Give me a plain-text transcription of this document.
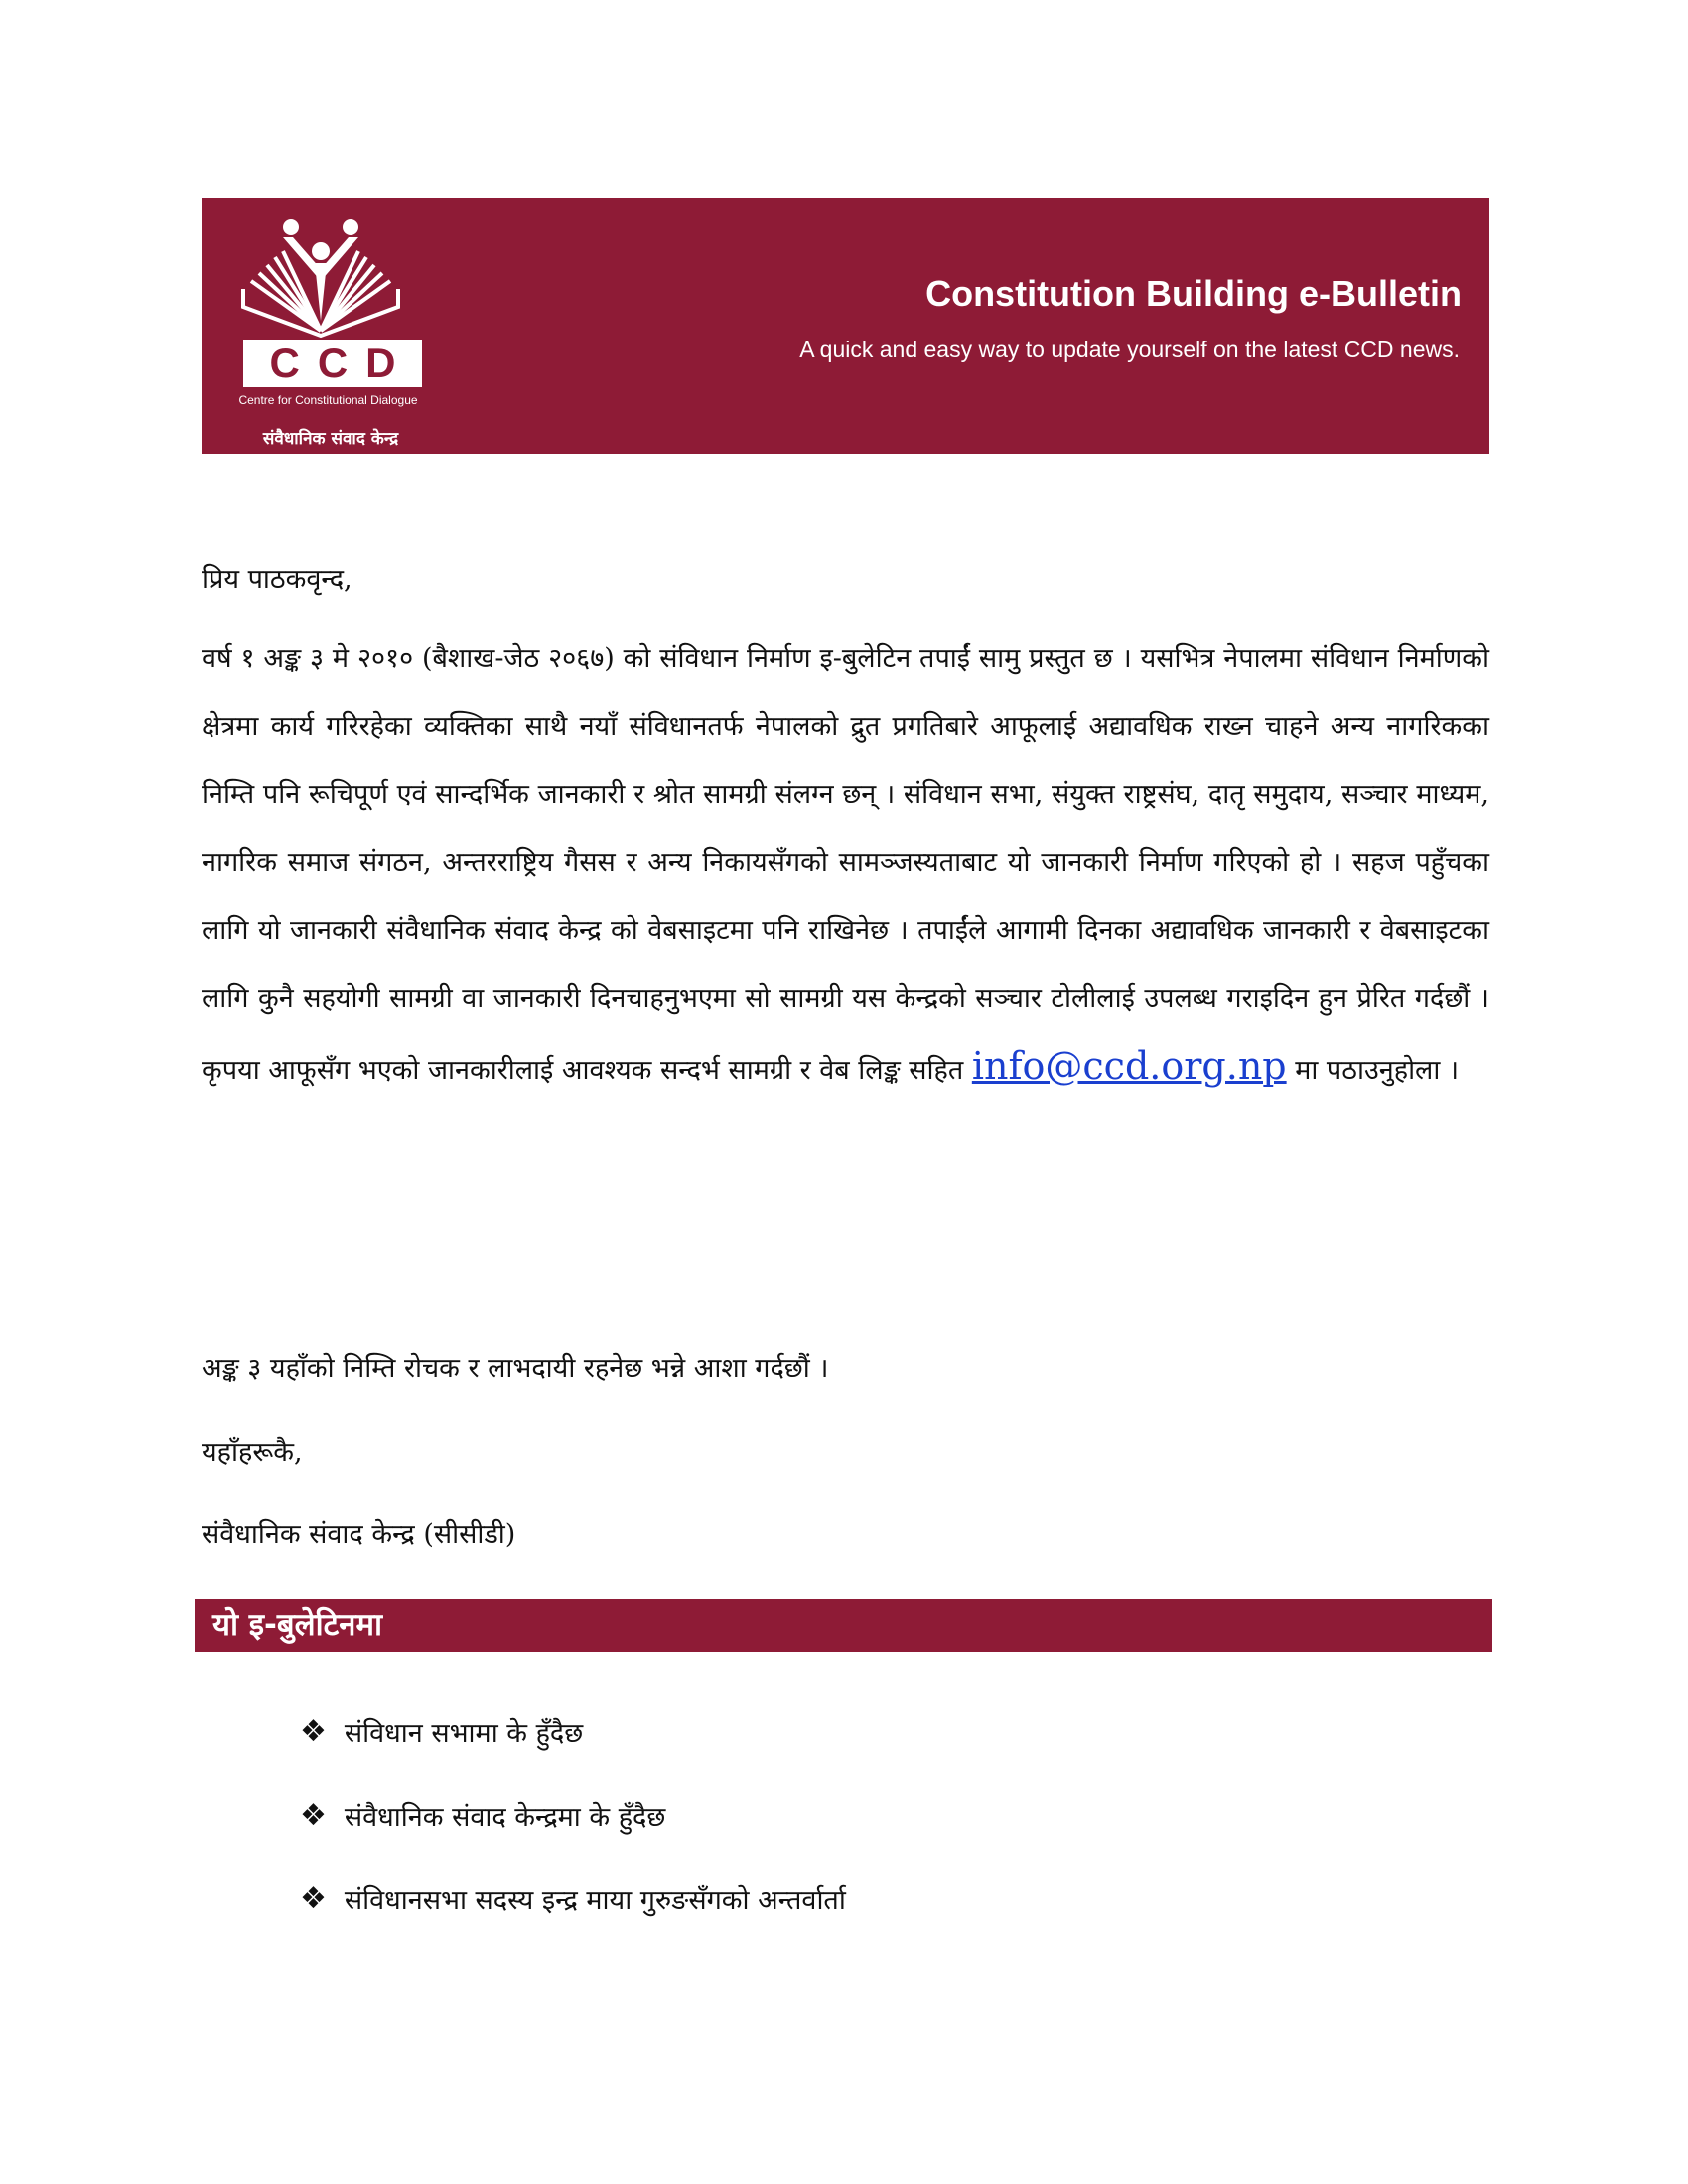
CCD
Centre for Constitutional Dialogue
संवैधानिक संवाद केन्द्र
Constitution Building e-Bulletin
A quick and easy way to update yourself on the latest CCD news.
प्रिय पाठकवृन्द,
वर्ष १ अङ्क ३ मे २०१० (बैशाख-जेठ २०६७) को संविधान निर्माण इ-बुलेटिन तपाईं सामु प्रस्तुत छ । यसभित्र नेपालमा संविधान निर्माणको क्षेत्रमा कार्य गरिरहेका व्यक्तिका साथै नयाँ संविधानतर्फ नेपालको द्रुत प्रगतिबारे आफूलाई अद्यावधिक राख्न चाहने अन्य नागरिकका निम्ति पनि रूचिपूर्ण एवं सान्दर्भिक जानकारी र श्रोत सामग्री संलग्न छन् । संविधान सभा, संयुक्त राष्ट्रसंघ, दातृ समुदाय, सञ्चार माध्यम, नागरिक समाज संगठन, अन्तरराष्ट्रिय गैसस र अन्य निकायसँगको सामञ्जस्यताबाट यो जानकारी निर्माण गरिएको हो । सहज पहुँचका लागि यो जानकारी संवैधानिक संवाद केन्द्र को वेबसाइटमा पनि राखिनेछ । तपाईंले आगामी दिनका अद्यावधिक जानकारी र वेबसाइटका लागि कुनै सहयोगी सामग्री वा जानकारी दिनचाहनुभएमा सो सामग्री यस केन्द्रको सञ्चार टोलीलाई उपलब्ध गराइदिन हुन प्रेरित गर्दछौं । कृपया आफूसँग भएको जानकारीलाई आवश्यक सन्दर्भ सामग्री र वेब लिङ्क सहित info@ccd.org.np मा पठाउनुहोला ।
अङ्क ३ यहाँको निम्ति रोचक र लाभदायी रहनेछ भन्ने आशा गर्दछौं ।
यहाँहरूकै,
संवैधानिक संवाद केन्द्र (सीसीडी)
यो इ-बुलेटिनमा
❖ संविधान सभामा के हुँदैछ
❖ संवैधानिक संवाद केन्द्रमा के हुँदैछ
❖ संविधानसभा सदस्य इन्द्र माया गुरुङसँगको अन्तर्वार्ता
